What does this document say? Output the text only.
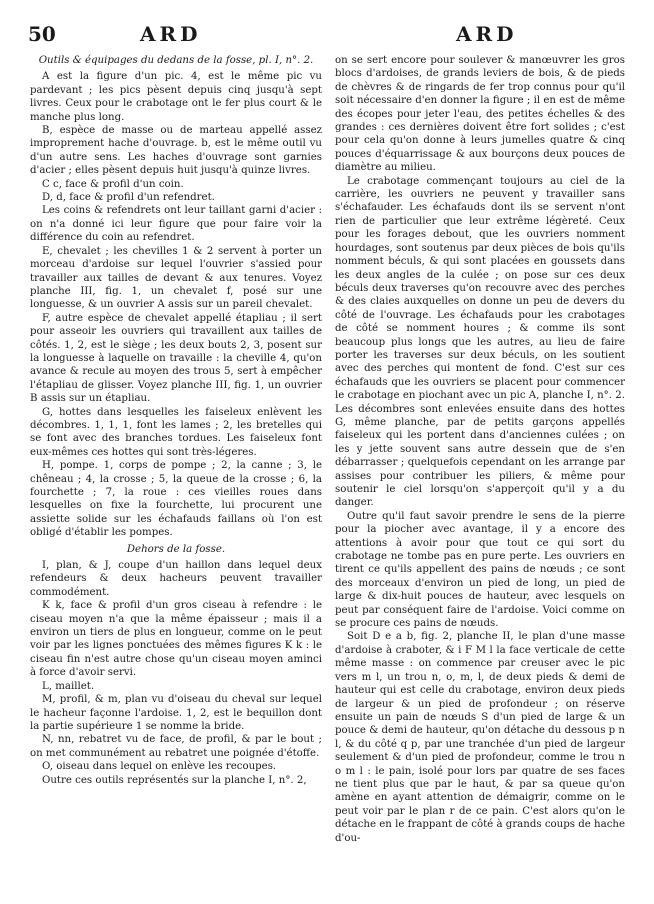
50	ARD	ARD

Outils & équipages du dedans de la fosse, pl. I, n°. 2.

A est la figure d'un pic. 4, est le même pic vu pardevant ; les pics pèsent depuis cinq jusqu'à sept livres. Ceux pour le crabotage ont le fer plus court & le manche plus long.

B, espèce de masse ou de marteau appellé assez improprement hache d'ouvrage. b, est le même outil vu d'un autre sens. Les haches d'ouvrage sont garnies d'acier ; elles pèsent depuis huit jusqu'à quinze livres.

C c, face & profil d'un coin.

D, d, face & profil d'un refendret.

Les coins & refendrets ont leur taillant garni d'acier : on n'a donné ici leur figure que pour faire voir la différence du coin au refendret.

E, chevalet ; les chevilles 1 & 2 servent à porter un morceau d'ardoise sur lequel l'ouvrier s'assied pour travailler aux tailles de devant & aux tenures. Voyez planche III, fig. 1, un chevalet f, posé sur une longuesse, & un ouvrier A assis sur un pareil chevalet.

F, autre espèce de chevalet appellé étapliau ; il sert pour asseoir les ouvriers qui travaillent aux tailles de côtés. 1, 2, est le siège ; les deux bouts 2, 3, posent sur la longuesse à laquelle on travaille : la cheville 4, qu'on avance & recule au moyen des trous 5, sert à empêcher l'étapliau de glisser. Voyez planche III, fig. 1, un ouvrier B assis sur un étapliau.

G, hottes dans lesquelles les faiseleux enlèvent les décombres. 1, 1, 1, font les lames ; 2, les bretelles qui se font avec des branches tordues. Les faiseleux font eux-mêmes ces hottes qui sont très-légeres.

H, pompe. 1, corps de pompe ; 2, la canne ; 3, le chêneau ; 4, la crosse ; 5, la queue de la crosse ; 6, la fourchette ; 7, la roue : ces vieilles roues dans lesquelles on fixe la fourchette, lui procurent une assiette solide sur les échafauds faillans où l'on est obligé d'établir les pompes.

Dehors de la fosse.

I, plan, & J, coupe d'un haillon dans lequel deux refendeurs & deux hacheurs peuvent travailler commodément.

K k, face & profil d'un gros ciseau à refendre : le ciseau moyen n'a que la même épaisseur ; mais il a environ un tiers de plus en longueur, comme on le peut voir par les lignes ponctuées des mêmes figures K k : le ciseau fin n'est autre chose qu'un ciseau moyen aminci à force d'avoir servi.

L, maillet.

M, profil, & m, plan vu d'oiseau du cheval sur lequel le hacheur façonne l'ardoise. 1, 2, est le bequillon dont la partie supérieure 1 se nomme la bride.

N, nn, rebatret vu de face, de profil, & par le bout ; on met communément au rebatret une poignée d'étoffe.

O, oiseau dans lequel on enlève les recoupes.

Outre ces outils représentés sur la planche I, n°. 2,

on se sert encore pour soulever & manœuvrer les gros blocs d'ardoises, de grands leviers de bois, & de pieds de chèvres & de ringards de fer trop connus pour qu'il soit nécessaire d'en donner la figure ; il en est de même des écopes pour jeter l'eau, des petites échelles & des grandes : ces dernières doivent être fort solides ; c'est pour cela qu'on donne à leurs jumelles quatre & cinq pouces d'équarrissage & aux bourçons deux pouces de diamètre au milieu.

Le crabotage commençant toujours au ciel de la carrière, les ouvriers ne peuvent y travailler sans s'échafauder. Les échafauds dont ils se servent n'ont rien de particulier que leur extrême légèreté. Ceux pour les forages debout, que les ouvriers nomment hourdages, sont soutenus par deux pièces de bois qu'ils nomment béculs, & qui sont placées en goussets dans les deux angles de la culée ; on pose sur ces deux béculs deux traverses qu'on recouvre avec des perches & des claies auxquelles on donne un peu de devers du côté de l'ouvrage. Les échafauds pour les crabotages de côté se nomment houres ; & comme ils sont beaucoup plus longs que les autres, au lieu de faire porter les traverses sur deux béculs, on les soutient avec des perches qui montent de fond. C'est sur ces échafauds que les ouvriers se placent pour commencer le crabotage en piochant avec un pic A, planche I, n°. 2. Les décombres sont enlevées ensuite dans des hottes G, même planche, par de petits garçons appellés faiseleux qui les portent dans d'anciennes culées ; on les y jette souvent sans autre dessein que de s'en débarrasser ; quelquefois cependant on les arrange par assises pour contribuer les piliers, & même pour soutenir le ciel lorsqu'on s'apperçoit qu'il y a du danger.

Outre qu'il faut savoir prendre le sens de la pierre pour la piocher avec avantage, il y a encore des attentions à avoir pour que tout ce qui sort du crabotage ne tombe pas en pure perte. Les ouvriers en tirent ce qu'ils appellent des pains de nœuds ; ce sont des morceaux d'environ un pied de long, un pied de large & dix-huit pouces de hauteur, avec lesquels on peut par conséquent faire de l'ardoise. Voici comme on se procure ces pains de nœuds.

Soit D e a b, fig. 2, planche II, le plan d'une masse d'ardoise à craboter, & i F M l la face verticale de cette même masse : on commence par creuser avec le pic vers m l, un trou n, o, m, l, de deux pieds & demi de hauteur qui est celle du crabotage, environ deux pieds de largeur & un pied de profondeur ; on réserve ensuite un pain de nœuds S d'un pied de large & un pouce & demi de hauteur, qu'on détache du dessous p n l, & du côté q p, par une tranchée d'un pied de largeur seulement & d'un pied de profondeur, comme le trou n o m l : le pain, isolé pour lors par quatre de ses faces ne tient plus que par le haut, & par sa queue qu'on amène en ayant attention de démaigrir, comme on le peut voir par le plan r de ce pain. C'est alors qu'on le détache en le frappant de côté à grands coups de hache d'ou-
